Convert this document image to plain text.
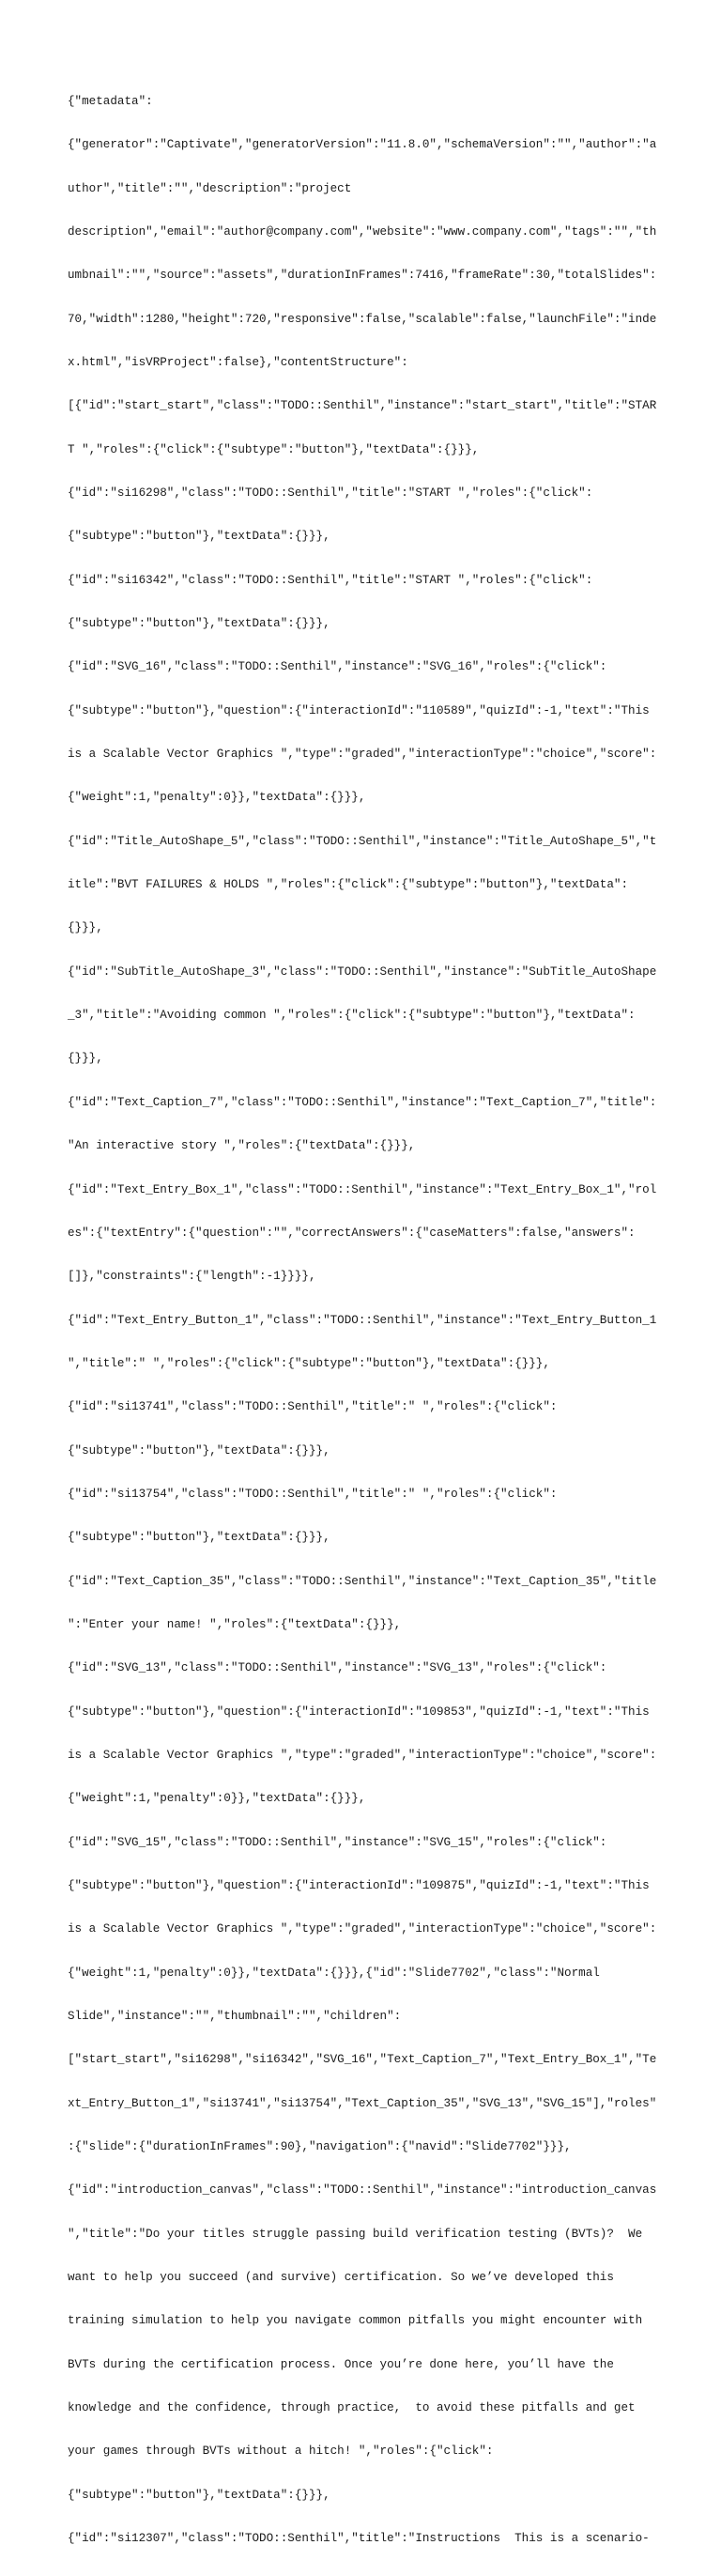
{"metadata":

{"generator":"Captivate","generatorVersion":"11.8.0","schemaVersion":"","author":"a

uthor","title":"","description":"project

description","email":"author@company.com","website":"www.company.com","tags":"","th

umbnail":"","source":"assets","durationInFrames":7416,"frameRate":30,"totalSlides":

70,"width":1280,"height":720,"responsive":false,"scalable":false,"launchFile":"inde

x.html","isVRProject":false},"contentStructure":

[{"id":"start_start","class":"TODO::Senthil","instance":"start_start","title":"STAR

T ","roles":{"click":{"subtype":"button"},"textData":{}}},

{"id":"si16298","class":"TODO::Senthil","title":"START ","roles":{"click":

{"subtype":"button"},"textData":{}}},

{"id":"si16342","class":"TODO::Senthil","title":"START ","roles":{"click":

{"subtype":"button"},"textData":{}}},

{"id":"SVG_16","class":"TODO::Senthil","instance":"SVG_16","roles":{"click":

{"subtype":"button"},"question":{"interactionId":"110589","quizId":-1,"text":"This

is a Scalable Vector Graphics ","type":"graded","interactionType":"choice","score":

{"weight":1,"penalty":0}},"textData":{}}},

{"id":"Title_AutoShape_5","class":"TODO::Senthil","instance":"Title_AutoShape_5","t

itle":"BVT FAILURES & HOLDS ","roles":{"click":{"subtype":"button"},"textData":

{}}},

{"id":"SubTitle_AutoShape_3","class":"TODO::Senthil","instance":"SubTitle_AutoShape

_3","title":"Avoiding common ","roles":{"click":{"subtype":"button"},"textData":

{}}},

{"id":"Text_Caption_7","class":"TODO::Senthil","instance":"Text_Caption_7","title":

"An interactive story ","roles":{"textData":{}}},

{"id":"Text_Entry_Box_1","class":"TODO::Senthil","instance":"Text_Entry_Box_1","rol

es":{"textEntry":{"question":"","correctAnswers":{"caseMatters":false,"answers":

[]},"constraints":{"length":-1}}}},

{"id":"Text_Entry_Button_1","class":"TODO::Senthil","instance":"Text_Entry_Button_1

","title":" ","roles":{"click":{"subtype":"button"},"textData":{}}},

{"id":"si13741","class":"TODO::Senthil","title":" ","roles":{"click":

{"subtype":"button"},"textData":{}}},

{"id":"si13754","class":"TODO::Senthil","title":" ","roles":{"click":

{"subtype":"button"},"textData":{}}},

{"id":"Text_Caption_35","class":"TODO::Senthil","instance":"Text_Caption_35","title

":"Enter your name! ","roles":{"textData":{}}},

{"id":"SVG_13","class":"TODO::Senthil","instance":"SVG_13","roles":{"click":

{"subtype":"button"},"question":{"interactionId":"109853","quizId":-1,"text":"This

is a Scalable Vector Graphics ","type":"graded","interactionType":"choice","score":

{"weight":1,"penalty":0}},"textData":{}}},

{"id":"SVG_15","class":"TODO::Senthil","instance":"SVG_15","roles":{"click":

{"subtype":"button"},"question":{"interactionId":"109875","quizId":-1,"text":"This

is a Scalable Vector Graphics ","type":"graded","interactionType":"choice","score":

{"weight":1,"penalty":0}},"textData":{}}},{"id":"Slide7702","class":"Normal

Slide","instance":"","thumbnail":"","children":

["start_start","si16298","si16342","SVG_16","Text_Caption_7","Text_Entry_Box_1","Te

xt_Entry_Button_1","si13741","si13754","Text_Caption_35","SVG_13","SVG_15"],"roles"

:{"slide":{"durationInFrames":90},"navigation":{"navid":"Slide7702"}}},

{"id":"introduction_canvas","class":"TODO::Senthil","instance":"introduction_canvas

","title":"Do your titles struggle passing build verification testing (BVTs)?  We

want to help you succeed (and survive) certification. So we’ve developed this

training simulation to help you navigate common pitfalls you might encounter with

BVTs during the certification process. Once you’re done here, you’ll have the

knowledge and the confidence, through practice,  to avoid these pitfalls and get

your games through BVTs without a hitch! ","roles":{"click":

{"subtype":"button"},"textData":{}}},

{"id":"si12307","class":"TODO::Senthil","title":"Instructions  This is a scenario-
